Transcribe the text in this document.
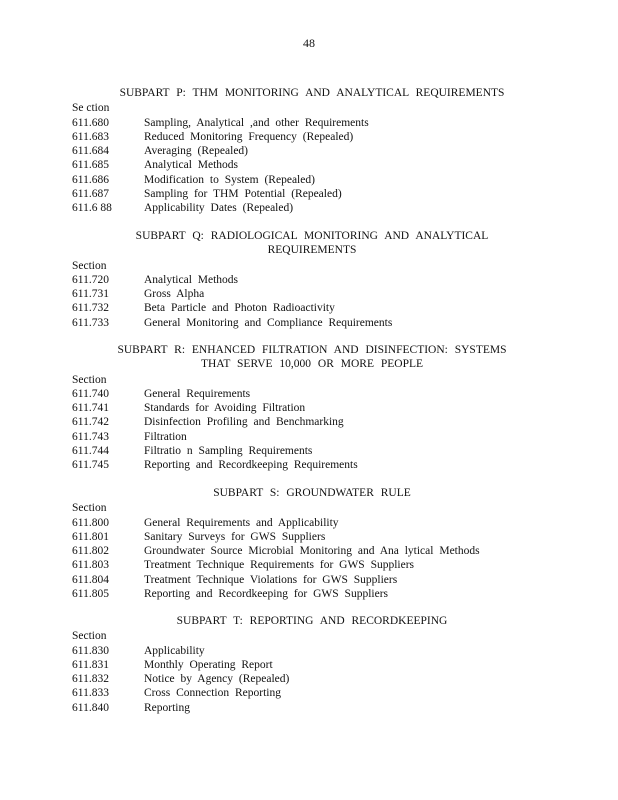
48
SUBPART P: THM MONITORING AND ANALYTICAL REQUIREMENTS
Se ction
611.680	Sampling, Analytical ,and other Requirements
611.683	Reduced Monitoring Frequency (Repealed)
611.684	Averaging (Repealed)
611.685	Analytical Methods
611.686	Modification to System (Repealed)
611.687	Sampling for THM Potential (Repealed)
611.6 88	Applicability Dates (Repealed)
SUBPART Q: RADIOLOGICAL MONITORING AND ANALYTICAL
REQUIREMENTS
Section
611.720	Analytical Methods
611.731	Gross Alpha
611.732	Beta Particle and Photon Radioactivity
611.733	General Monitoring and Compliance Requirements
SUBPART R: ENHANCED FILTRATION AND DISINFECTION: SYSTEMS
THAT SERVE 10,000 OR MORE PEOPLE
Section
611.740	General Requirements
611.741	Standards for Avoiding Filtration
611.742	Disinfection Profiling and Benchmarking
611.743	Filtration
611.744	Filtratio n Sampling Requirements
611.745	Reporting and Recordkeeping Requirements
SUBPART S: GROUNDWATER RULE
Section
611.800	General Requirements and Applicability
611.801	Sanitary Surveys for GWS Suppliers
611.802	Groundwater Source Microbial Monitoring and Ana lytical Methods
611.803	Treatment Technique Requirements for GWS Suppliers
611.804	Treatment Technique Violations for GWS Suppliers
611.805	Reporting and Recordkeeping for GWS Suppliers
SUBPART T: REPORTING AND RECORDKEEPING
Section
611.830	Applicability
611.831	Monthly Operating Report
611.832	Notice by Agency (Repealed)
611.833	Cross Connection Reporting
611.840	Reporting
